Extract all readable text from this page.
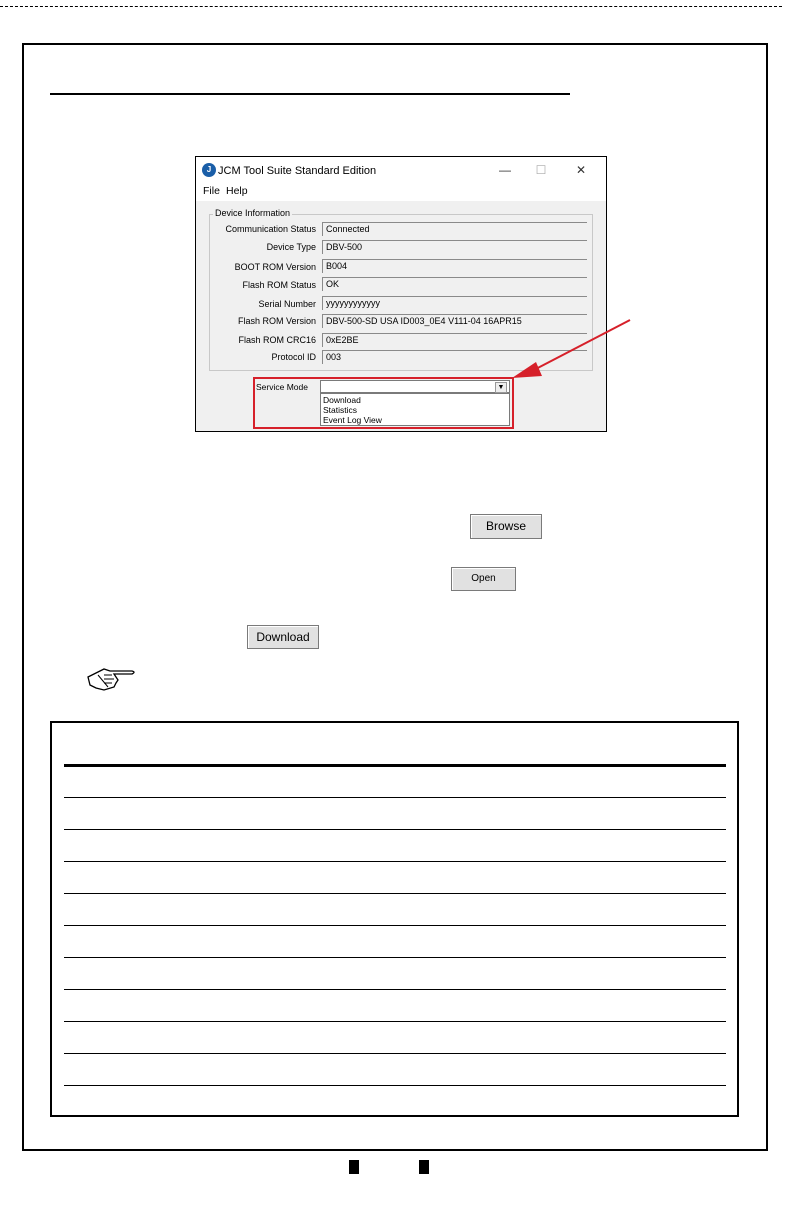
J JCM Tool Suite Standard Edition	—	☐	✕
File Help
Device Information
Communication Status	Connected
Device Type	DBV-500
BOOT ROM Version	B004
Flash ROM Status	OK
Serial Number	yyyyyyyyyyyy
Flash ROM Version	DBV-500-SD USA ID003_0E4 V111-04 16APR15
Flash ROM CRC16	0xE2BE
Protocol ID	003
Service Mode	▼
Download
Statistics
Event Log View
Browse
Open
Download
